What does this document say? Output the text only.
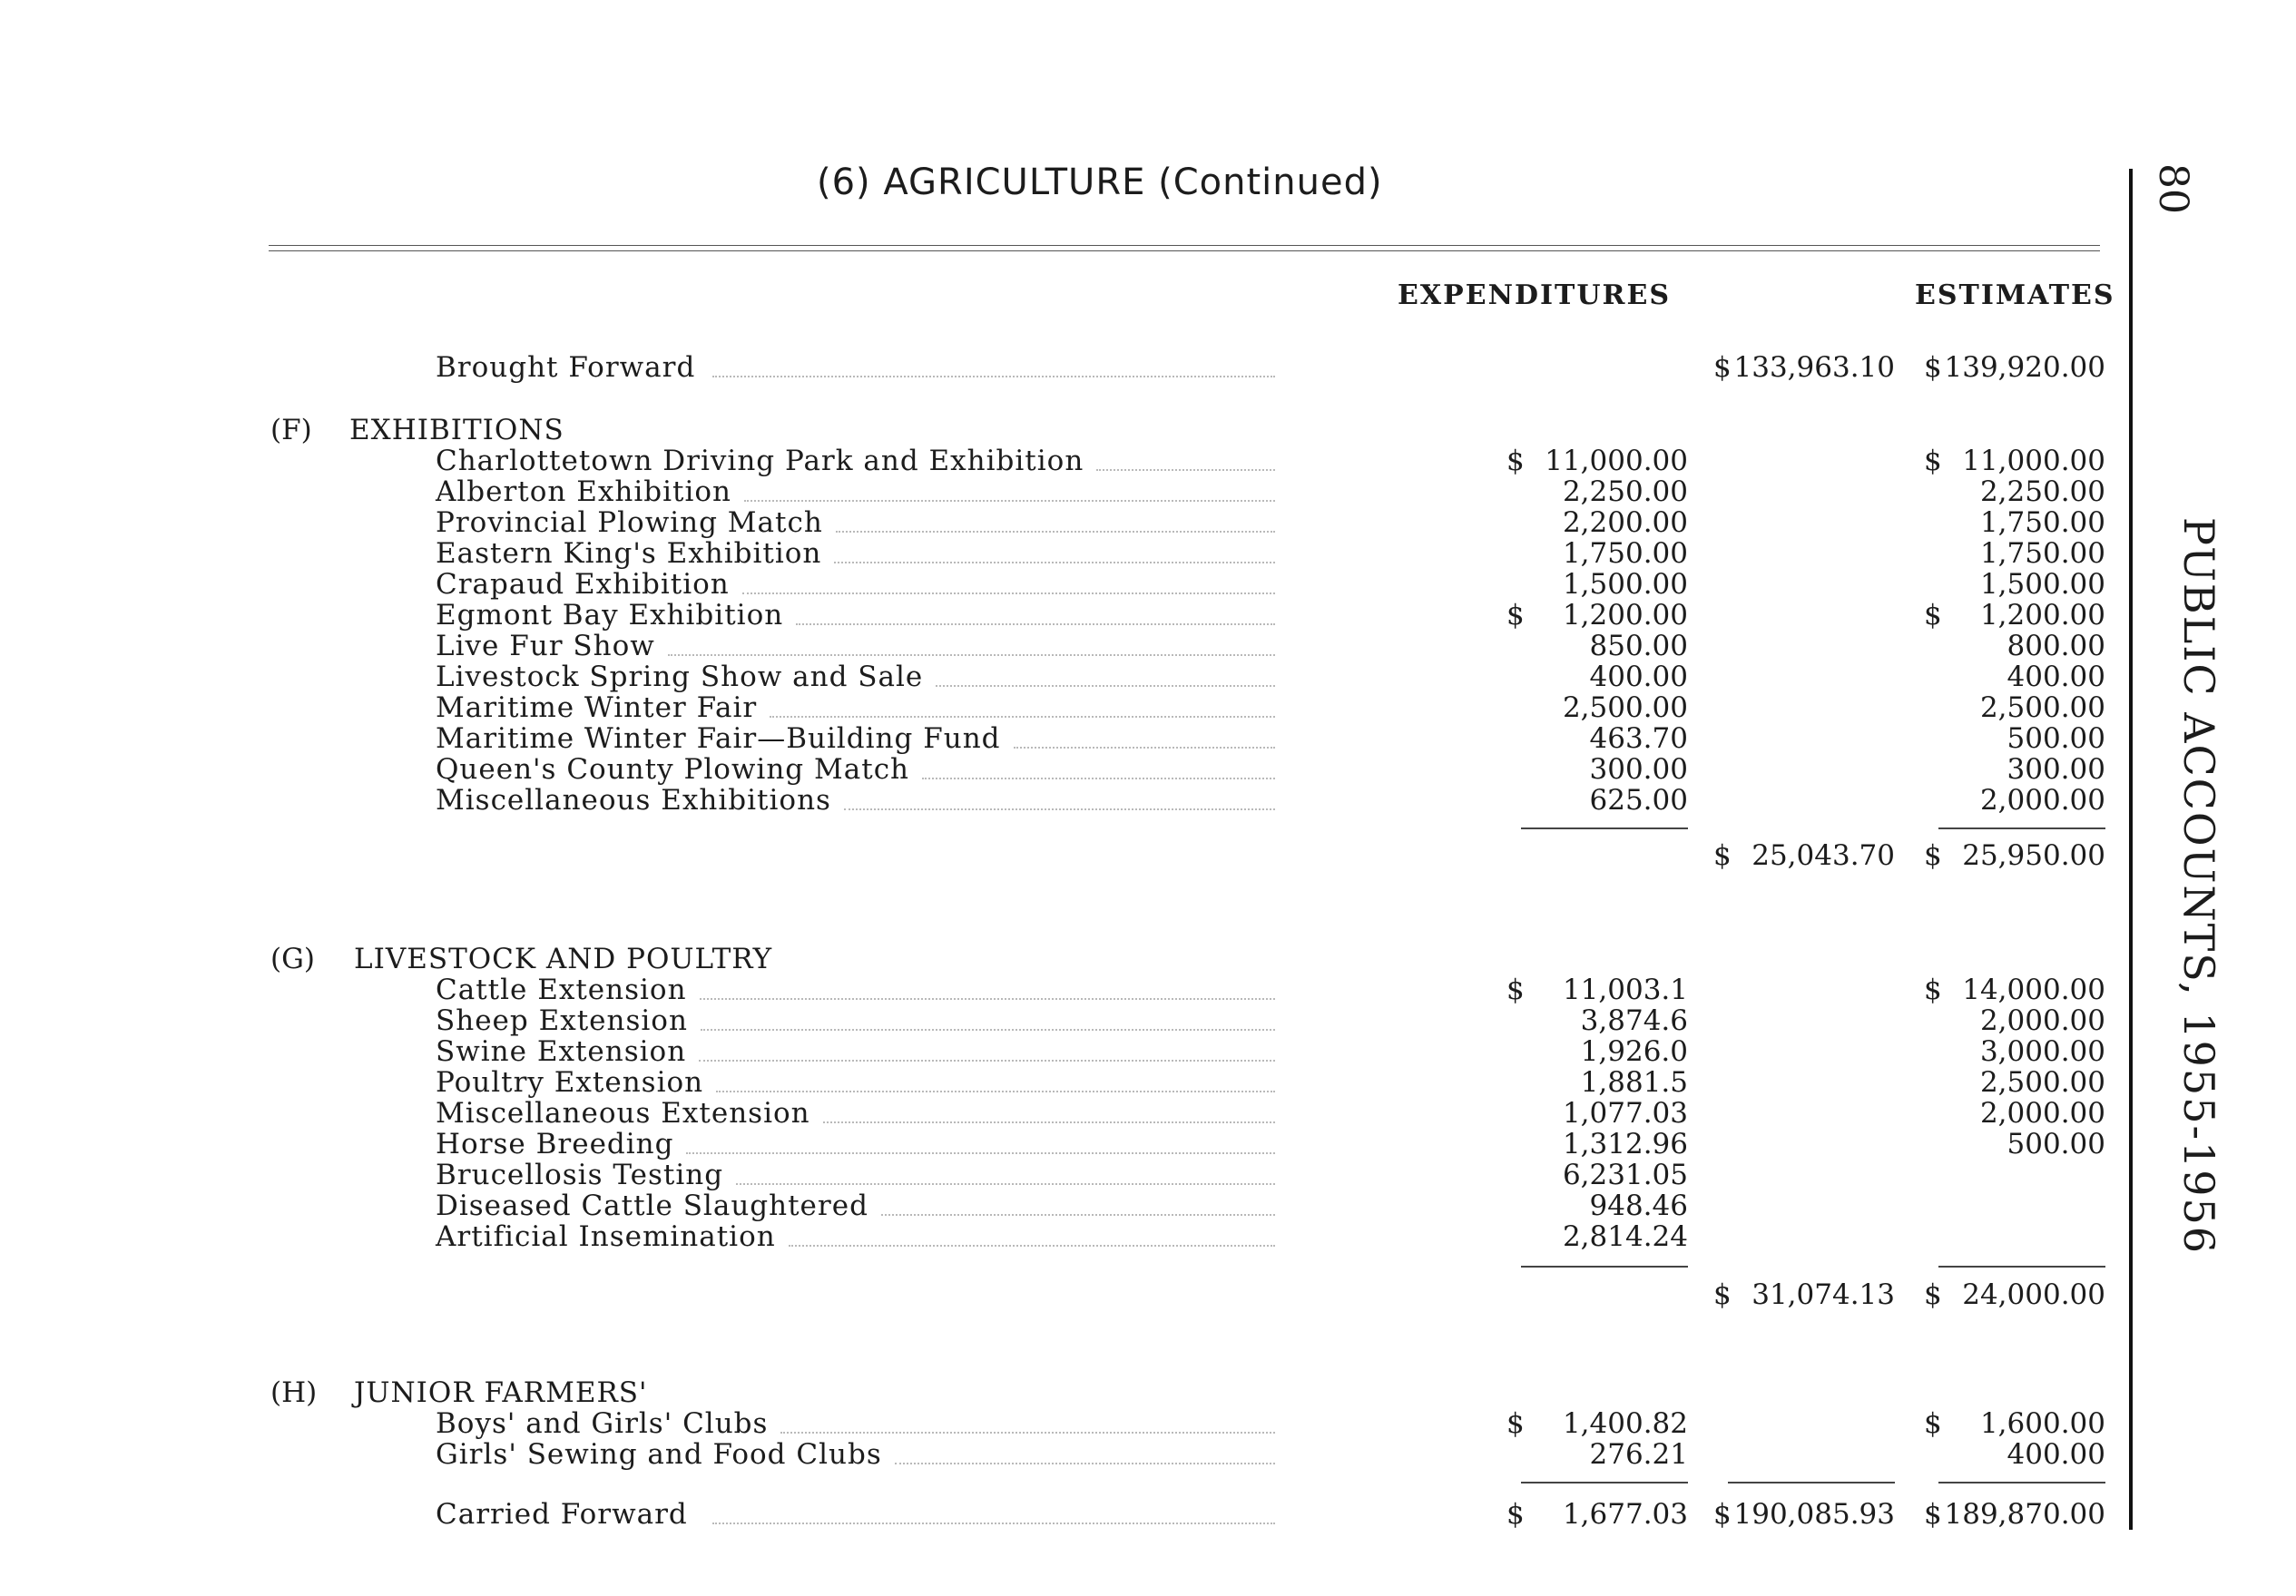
(6) AGRICULTURE (Continued)
EXPENDITURES	ESTIMATES
80
PUBLIC ACCOUNTS, 1955-1956
Brought Forward	$ 133,963.10 $ 139,920.00
(F) EXHIBITIONS
Charlottetown Driving Park and Exhibition	$ 11,000.00	$ 11,000.00
Alberton Exhibition	2,250.00	2,250.00
Provincial Plowing Match	2,200.00	1,750.00
Eastern King's Exhibition	1,750.00	1,750.00
Crapaud Exhibition	1,500.00	1,500.00
Egmont Bay Exhibition	$	1,200.00	$	1,200.00
Live Fur Show	850.00	800.00
Livestock Spring Show and Sale	400.00	400.00
Maritime Winter Fair	2,500.00	2,500.00
Maritime Winter Fair—Building Fund	463.70	500.00
Queen's County Plowing Match	300.00	300.00
Miscellaneous Exhibitions	625.00	2,000.00
$ 25,043.70 $ 25,950.00
(G) LIVESTOCK AND POULTRY
Cattle Extension	$	11,003.1	$ 14,000.00
Sheep Extension	3,874.6	2,000.00
Swine Extension	1,926.0	3,000.00
Poultry Extension	1,881.5	2,500.00
Miscellaneous Extension	1,077.03	2,000.00
Horse Breeding	1,312.96	500.00
Brucellosis Testing	6,231.05
Diseased Cattle Slaughtered	948.46
Artificial Insemination	2,814.24
$ 31,074.13 $ 24,000.00
(H) JUNIOR FARMERS'
Boys' and Girls' Clubs	$	1,400.82	$	1,600.00
Girls' Sewing and Food Clubs	276.21	400.00
Carried Forward	$	1,677.03 $ 190,085.93 $ 189,870.00
